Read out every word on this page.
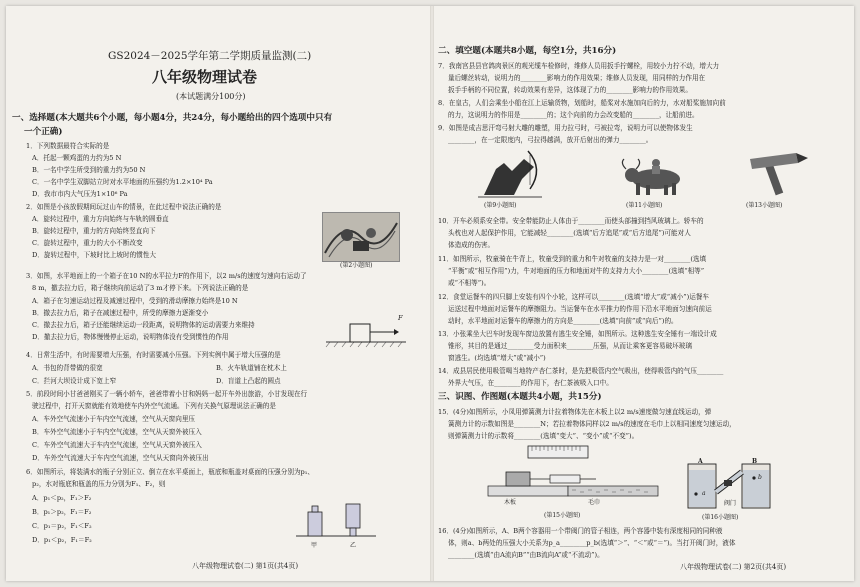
GS2024－2025学年第二学期质量监测(二)
八年级物理试卷
(本试题满分100分)
一、选择题(本大题共6个小题，每小题4分，共24分，每小题给出的四个选项中只有
一个正确)
1．下列数据最符合实际的是
A．托起一颗鸡蛋的力约为5 N
B．一名中学生所受到的重力约为50 N
C．一名中学生双脚站立时对水平地面的压强约为1.2×10⁴ Pa
D．我市市内大气压为1×10⁶ Pa
2．如图是小孩放假期间玩过山车的情景，在此过程中说法正确的是
A．旋转过程中，重力方向始终与车轨的圆垂直
B．旋转过程中，重力的方向始终竖直向下
C．旋转过程中，重力的大小不断改变
D．旋转过程中，下坡时比上坡时的惯性大
(第2小题图)
3．如图，水平地面上的一个箱子在10 N的水平拉力F的作用下，以2 m/s的速度匀速向右运动了
8 m，撤去拉力后，箱子继续向前运动了3 m才停下来。下列说法正确的是
A．箱子在匀速运动过程及减速过程中，受到的滑动摩擦力始终是10 N
B．撤去拉力后，箱子在减速过程中，所受的摩擦力逐渐变小
C．撤去拉力后，箱子还能继续运动一段距离，说明物体的运动需要力来维持
D．撤去拉力后，物体慢慢停止运动，说明物体没有受到惯性的作用
F
4．日常生活中，有时需要增大压强，有时需要减小压强。下列实例中属于增大压强的是
A．书包的背带做的很宽	B．火车轨道铺在枕木上
C．拦河大坝设计成下宽上窄	D．盲道上凸起的圆点
5．前段时间小甘爸爸刚买了一辆小轿车，爸爸带着小甘和妈妈一起开车外出旅游，小甘发现在行
驶过程中，打开天窗就能有效地使车内外空气流通。下列有关换气原理说法正确的是
A．车外空气流速小于车内空气流速，空气从天窗向里压
B．车外空气流速小于车内空气流速，空气从天窗外被压入
C．车外空气流速大于车内空气流速，空气从天窗外被压入
D．车外空气流速大于车内空气流速，空气从天窗向外被压出
6．如图所示，将装满水的瓶子分别正立、倒立在水平桌面上，瓶底和瓶盖对桌面的压强分别为p₁、
p₂，水对瓶底和瓶盖的压力分别为F₁、F₂，则
A．p₁＜p₂，F₁＞F₂
B．p₁＞p₂，F₁＝F₂
C．p₁＝p₂，F₁＜F₂
D．p₁＜p₂，F₁＝F₂
甲	乙
八年级物理试卷(二) 第1页(共4页)
二、填空题(本题共8小题，每空1分，共16分)
7．我南宫县县官鸽肉景区的观光缆车检修时，维修人员用扳手拧螺栓，用较小力拧不动，增大力
量后螺丝转动，说明力的________影响力的作用效果；维修人员发现，用同样的力作用在
扳手手柄的不同位置，转动效果有差异，这体现了力的________影响力的作用效果。
8．在皇古，人们会乘坐小船在江上运输货物，划船时，船桨对水施加向后的力，水对船桨施加向前
的力，这说明力的作用是________的；这个向前的力会改变船的________，让船前进。
9．如图是成吉思汗弯弓射大雕的雕塑，用力拉弓时，弓被拉弯，说明力可以使物体发生
________，在一定限度内，弓拉得越满，放开后射出的弹力________。
(第9小题图)	(第11小题图)	(第13小题图)
10．开车必须系安全带。安全带能防止人体由于________而使头部撞到挡风玻璃上。轿车的
头枕也对人起保护作用，它能减轻________(选填“后方追尾”或“后方追尾”)可能对人
体造成的伤害。
11．如图所示，牧童骑在牛背上，牧童受到的重力和牛对牧童的支持力是一对________(选填
“平衡”或“相互作用”)力，牛对地面的压力和地面对牛的支持力大小________(选填“相等”
或“不相等”)。
12．食堂运餐车的四只脚上安装有四个小轮，这样可以________(选填“增大”或“减小”)运餐车
运送过程中地面对运餐车的摩擦阻力。当运餐车在水平推力的作用下沿水平地面匀速向前运
动时，水平地面对运餐车的摩擦力的方向是________(选填“向前”或“向后”)的。
13．小张乘坐大巴车时发现车窗边放置有逃生安全锤，如图所示。这种逃生安全锤有一端设计成
锥形，其目的是通过________受力面积来________压强，从而让乘客更容易破坏玻璃
窗逃生。(均选填“增大”或“减小”)
14．成县居民使用吸管喝当地特产杏仁茶时，是先把吸管内空气吸出，使得吸管内的气压________
外界大气压，在________的作用下，杏仁茶被吸入口中。
三、识图、作图题(本题共4小题，共15分)
15．(4分)如图所示，小凤用弹簧测力计拉着物体先在木板上以2 m/s速度做匀速直线运动，弹
簧测力计的示数如图是________N；若拉着物体同样以2 m/s的速度在毛巾上以相同速度匀速运动，
则弹簧测力计的示数将________(选填“变大”、“变小”或“不变”)。
木板	毛巾
(第15小题图)
A	B
a
b
阀门
(第16小题图)
16．(4分)如图所示，A、B两个容器用一个带阀门的管子相连，两个容器中装有深度相同的同种液
体，则a、b两处的压强大小关系为p_a________p_b(选填“＞”、“＜”或“＝”)。当打开阀门时，液体
________(选填“由A流向B”“由B流向A”或“不流动”)。
八年级物理试卷(二) 第2页(共4页)
